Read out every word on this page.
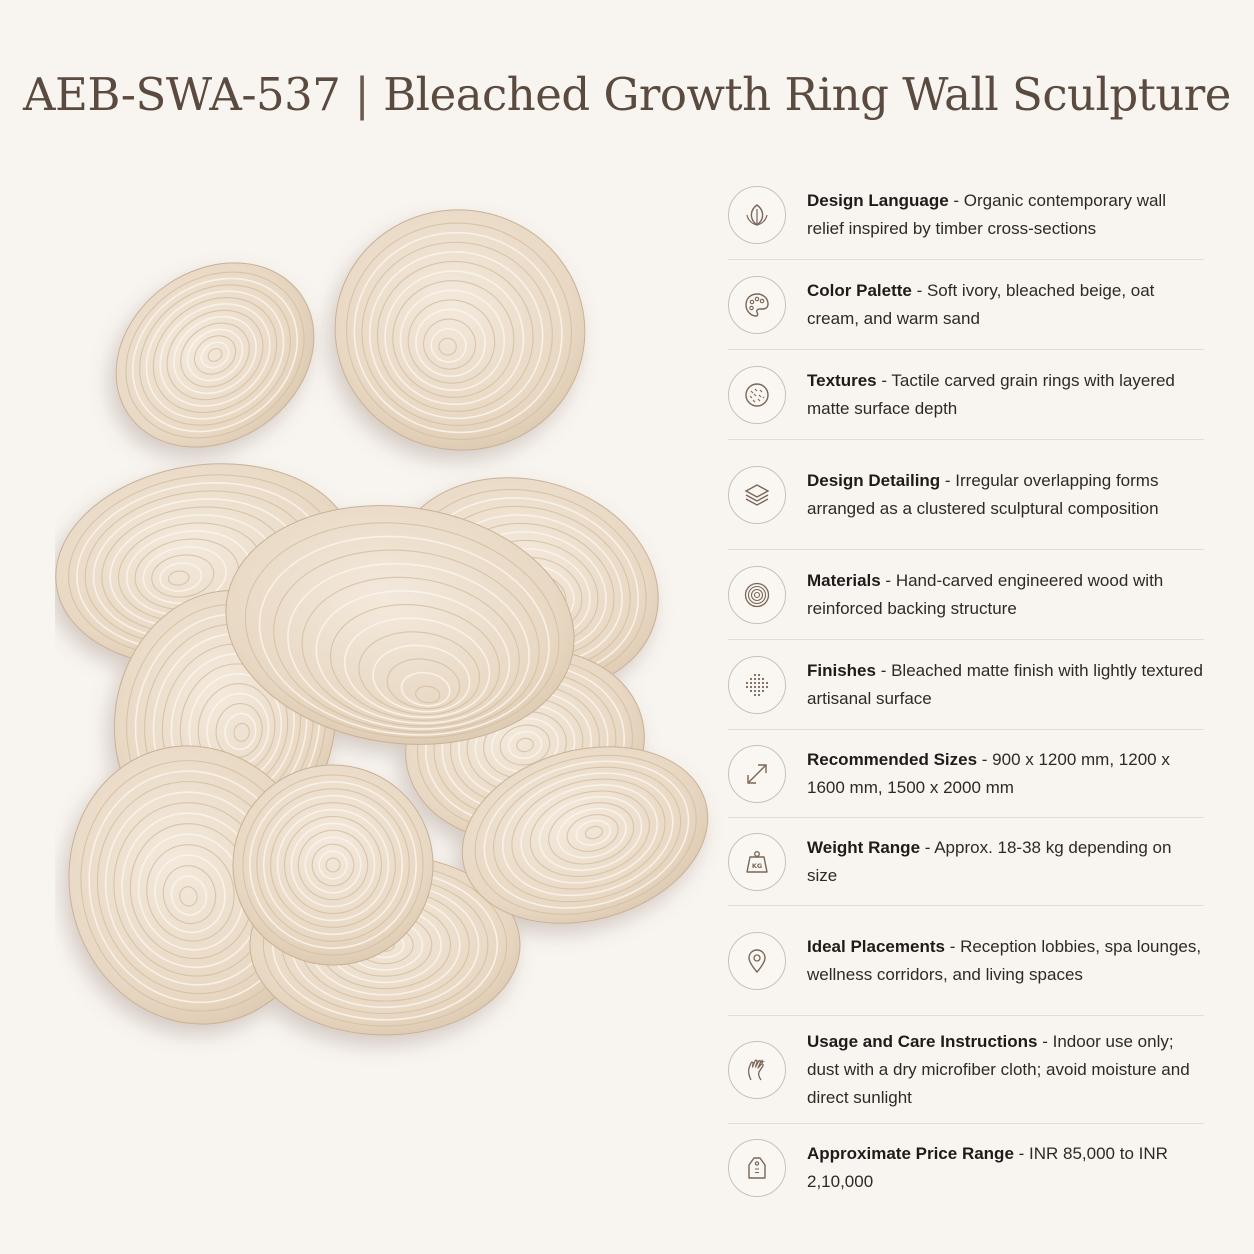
AEB-SWA-537 | Bleached Growth Ring Wall Sculpture
Design Language - Organic contemporary wall relief inspired by timber cross-sections
Color Palette - Soft ivory, bleached beige, oat cream, and warm sand
Textures - Tactile carved grain rings with layered matte surface depth
Design Detailing - Irregular overlapping forms arranged as a clustered sculptural composition
Materials - Hand-carved engineered wood with reinforced backing structure
Finishes - Bleached matte finish with lightly textured artisanal surface
Recommended Sizes - 900 x 1200 mm, 1200 x 1600 mm, 1500 x 2000 mm
KG
Weight Range - Approx. 18-38 kg depending on size
Ideal Placements - Reception lobbies, spa lounges, wellness corridors, and living spaces
Usage and Care Instructions - Indoor use only; dust with a dry microfiber cloth; avoid moisture and direct sunlight
Approximate Price Range - INR 85,000 to INR 2,10,000
